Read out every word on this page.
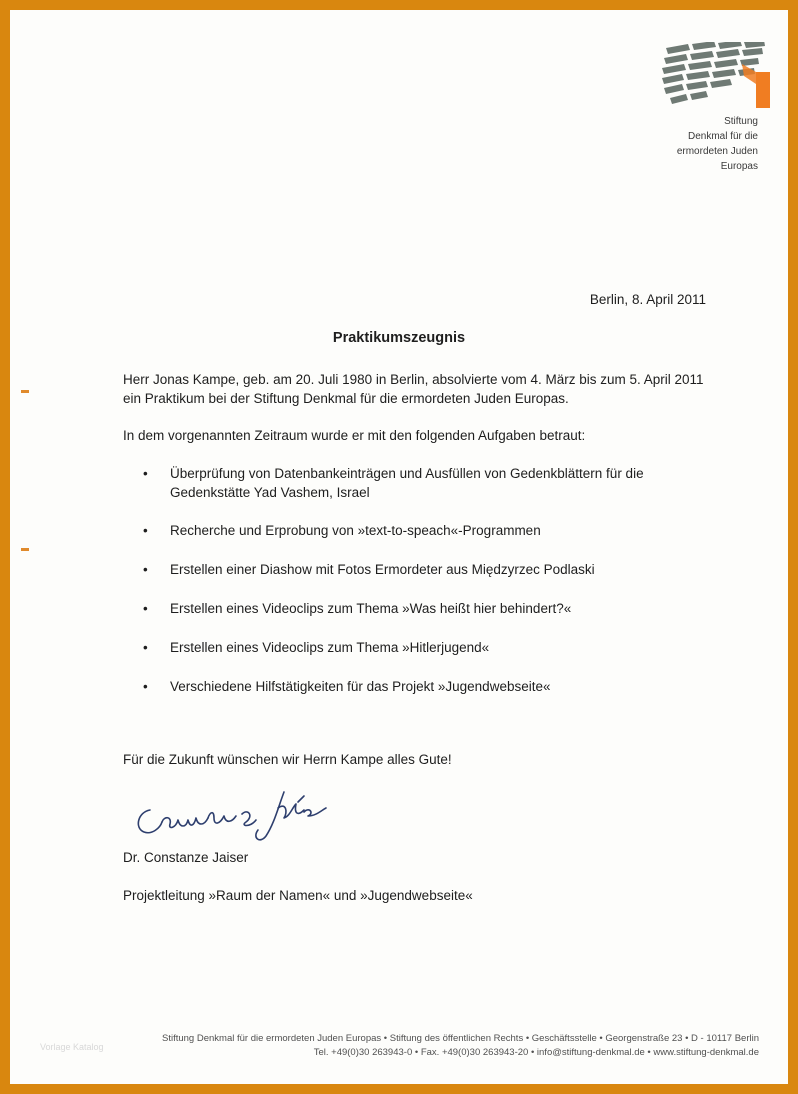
Stiftung
Denkmal für die
ermordeten Juden
Europas
Berlin, 8. April 2011
Praktikumszeugnis
Herr Jonas Kampe, geb. am 20. Juli 1980 in Berlin, absolvierte vom 4. März bis zum 5. April 2011 ein Praktikum bei der Stiftung Denkmal für die ermordeten Juden Europas.
In dem vorgenannten Zeitraum wurde er mit den folgenden Aufgaben betraut:
• Überprüfung von Datenbankeinträgen und Ausfüllen von Gedenkblättern für die Gedenkstätte Yad Vashem, Israel
• Recherche und Erprobung von »text-to-speach«-Programmen
• Erstellen einer Diashow mit Fotos Ermordeter aus Międzyrzec Podlaski
• Erstellen eines Videoclips zum Thema »Was heißt hier behindert?«
• Erstellen eines Videoclips zum Thema »Hitlerjugend«
• Verschiedene Hilfstätigkeiten für das Projekt »Jugendwebseite«
Für die Zukunft wünschen wir Herrn Kampe alles Gute!
Dr. Constanze Jaiser
Projektleitung »Raum der Namen« und »Jugendwebseite«
Vorlage Katalog
Stiftung Denkmal für die ermordeten Juden Europas • Stiftung des öffentlichen Rechts • Geschäftsstelle • Georgenstraße 23 • D - 10117 Berlin
Tel. +49(0)30 263943-0 • Fax. +49(0)30 263943-20 • info@stiftung-denkmal.de • www.stiftung-denkmal.de
